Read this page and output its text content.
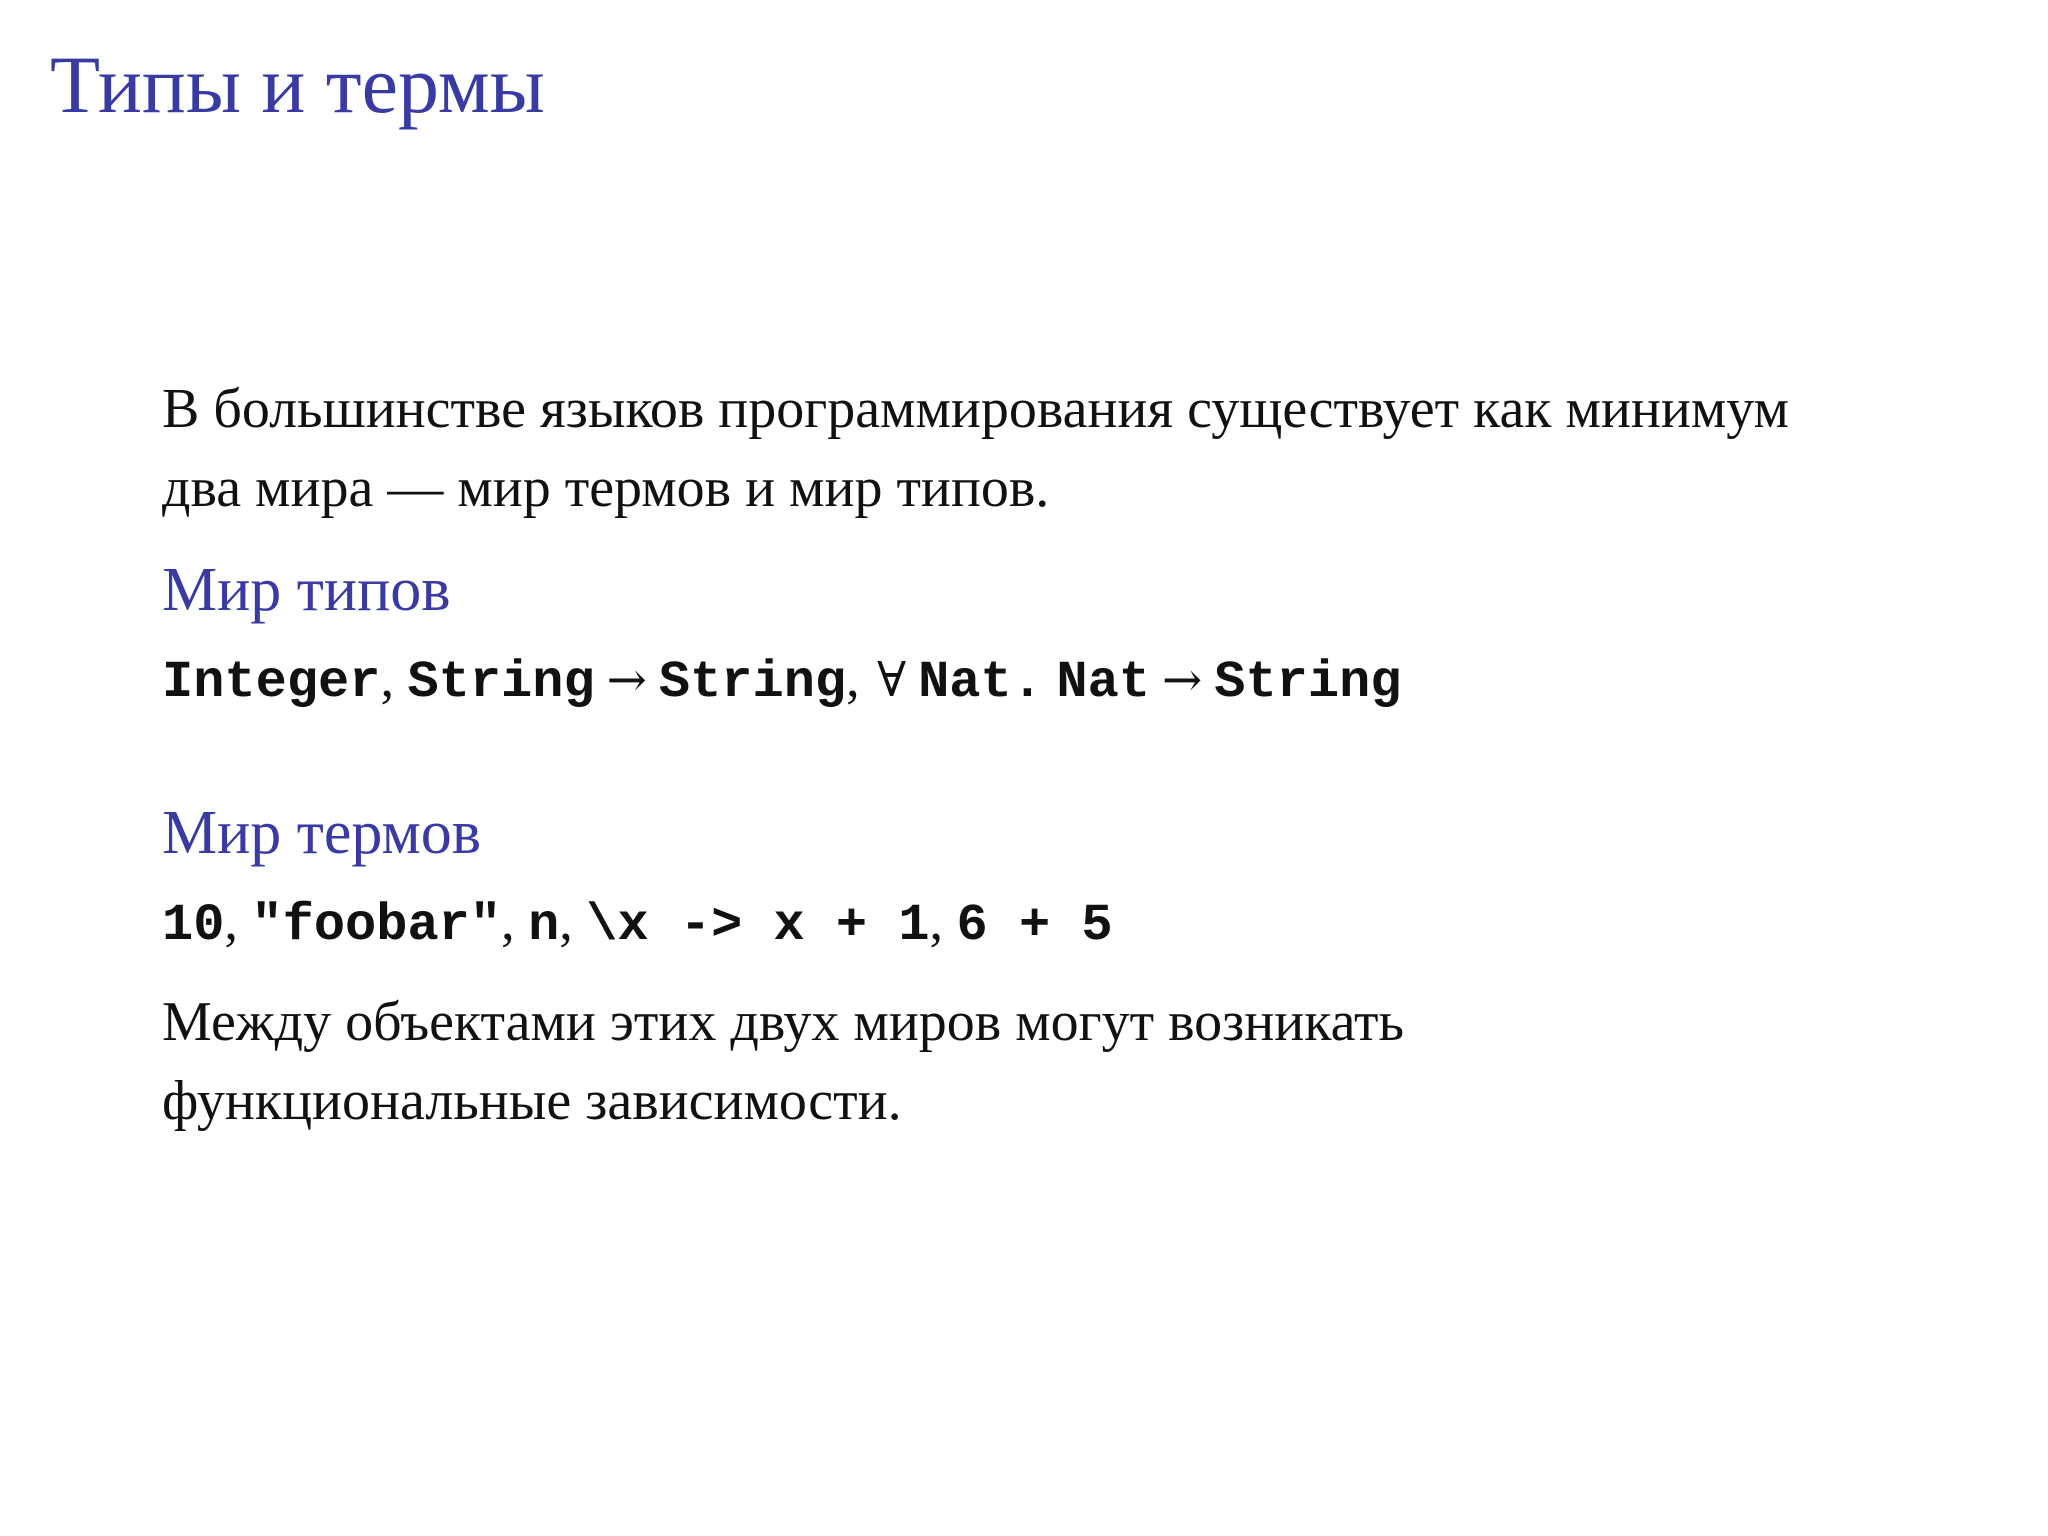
Типы и термы

В большинстве языков программирования существует как минимум два мира — мир термов и мир типов.

Мир типов

Integer, String → String, ∀ Nat. Nat → String

Мир термов

10, "foobar", n, \x -> x + 1, 6 + 5

Между объектами этих двух миров могут возникать функциональные зависимости.
